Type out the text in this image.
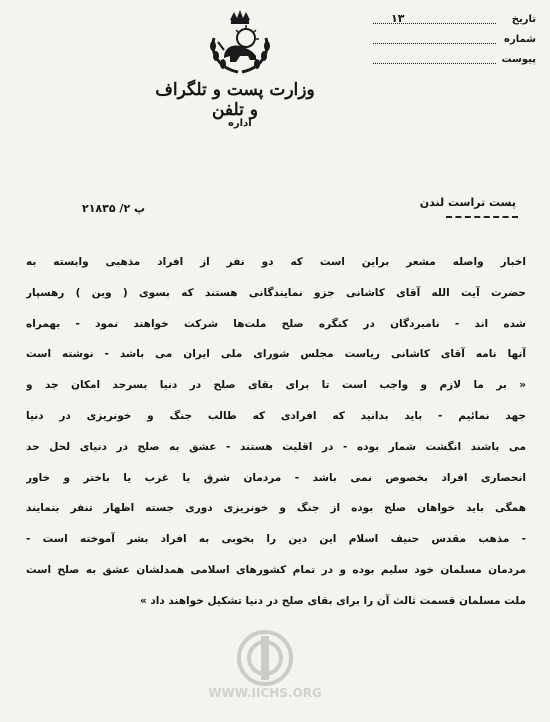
وزارت پست و تلگراف و تلفن
اداره
تاریخ
۱۳
شماره
پیوست
پ ۲/ ۲۱۸۳۵	پست تراست لندن
اخبار واصله مشعر براین است که دو نفر از افراد مذهبی وابسته به
حضرت آیت الله آقای کاشانی جزو نمایندگانی هستند که بسوی ( وین ) رهسپار
شده اند - نامبردگان در کنگره صلح ملت‌ها شرکت خواهند نمود - بهمراه
آنها نامه آقای کاشانی ریاست مجلس شورای ملی ایران می باشد - نوشته است
« بر ما لازم و واجب است تا برای بقای صلح در دنیا بسرحد امکان جد و
جهد نمائیم - باید بدانید که افرادی که طالب جنگ و خونریزی در دنیا
می باشند انگشت شمار بوده - در اقلیت هستند - عشق به صلح در دنیای لحل حد
انحصاری افراد بخصوص نمی باشد - مردمان شرق یا غرب یا باختر و خاور
همگی باید خواهان صلح بوده از جنگ و خونریزی دوری جسته اظهار تنفر بنمایند
- مذهب مقدس حنیف اسلام این دین را بخوبی به افراد بشر آموخته است -
مردمان مسلمان خود سلیم بوده و در تمام کشورهای اسلامی همدلشان عشق به صلح است
ملت مسلمان قسمت ثالث آن را برای بقای صلح در دنیا تشکیل خواهند داد »
WWW.IICHS.ORG
